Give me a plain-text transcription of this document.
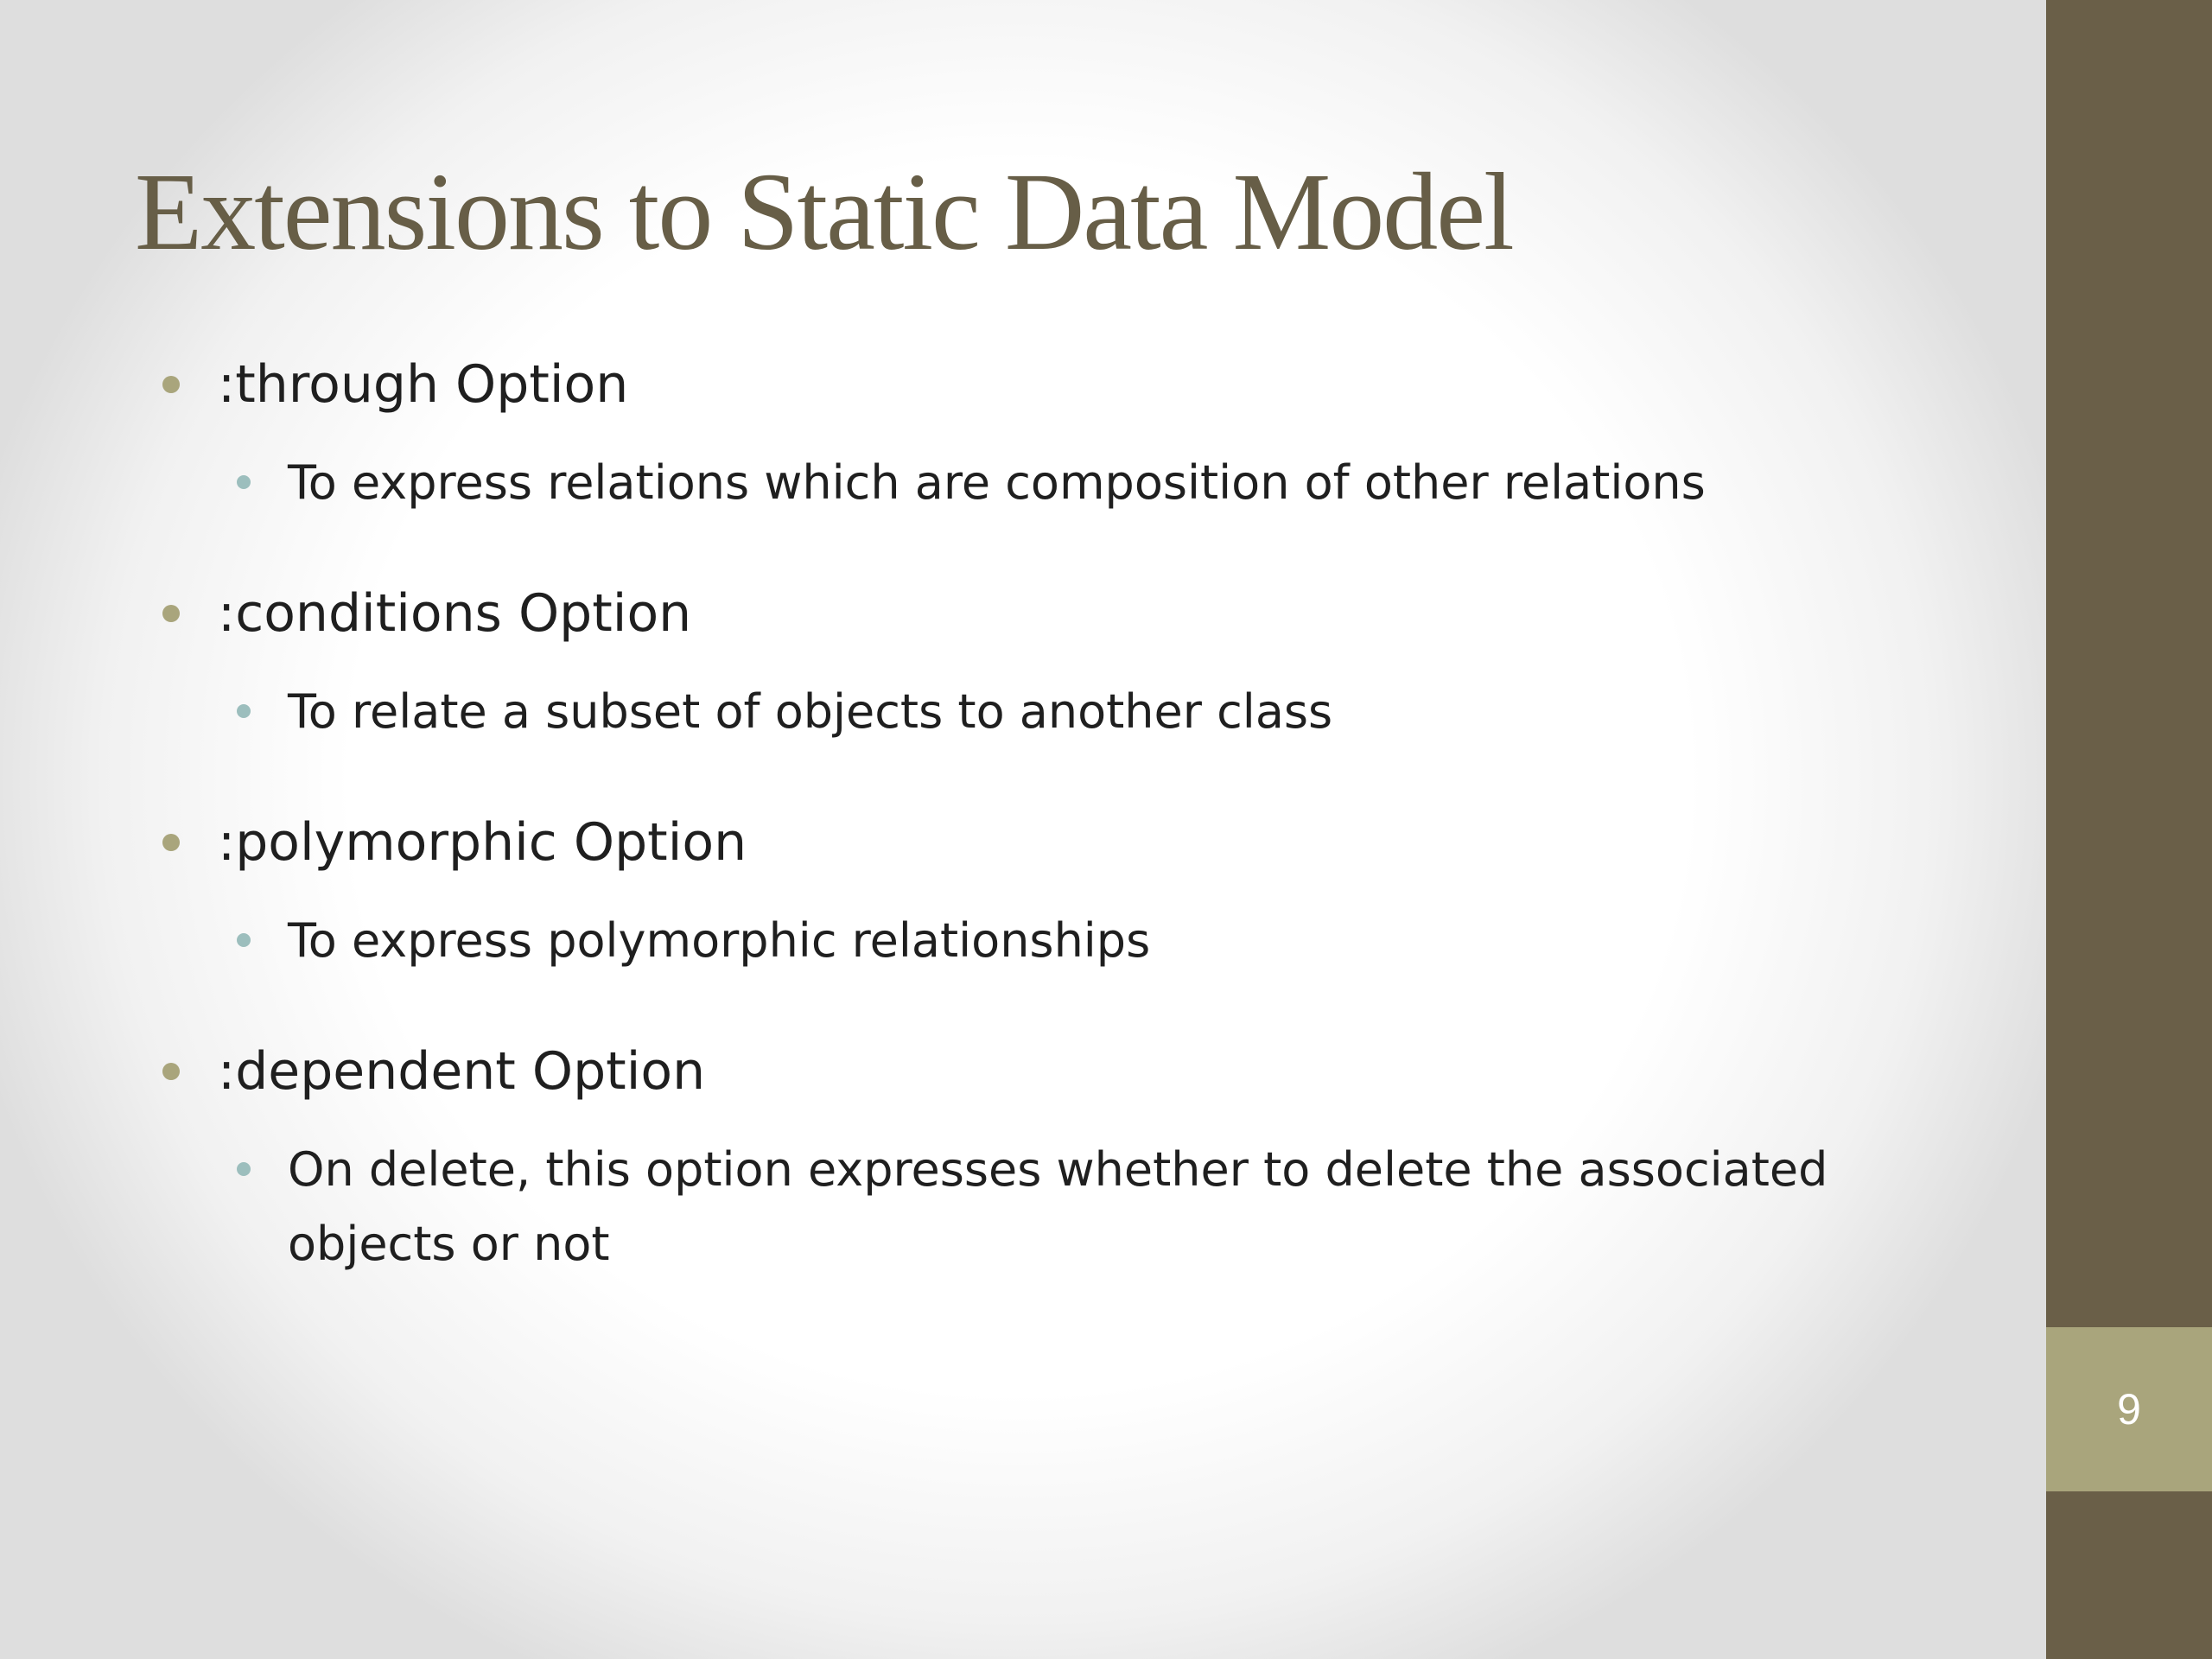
Extensions to Static Data Model
:through Option
To express relations which are composition of other relations
:conditions Option
To relate a subset of objects to another class
:polymorphic Option
To express polymorphic relationships
:dependent Option
On delete, this option expresses whether to delete the associated objects or not
9
